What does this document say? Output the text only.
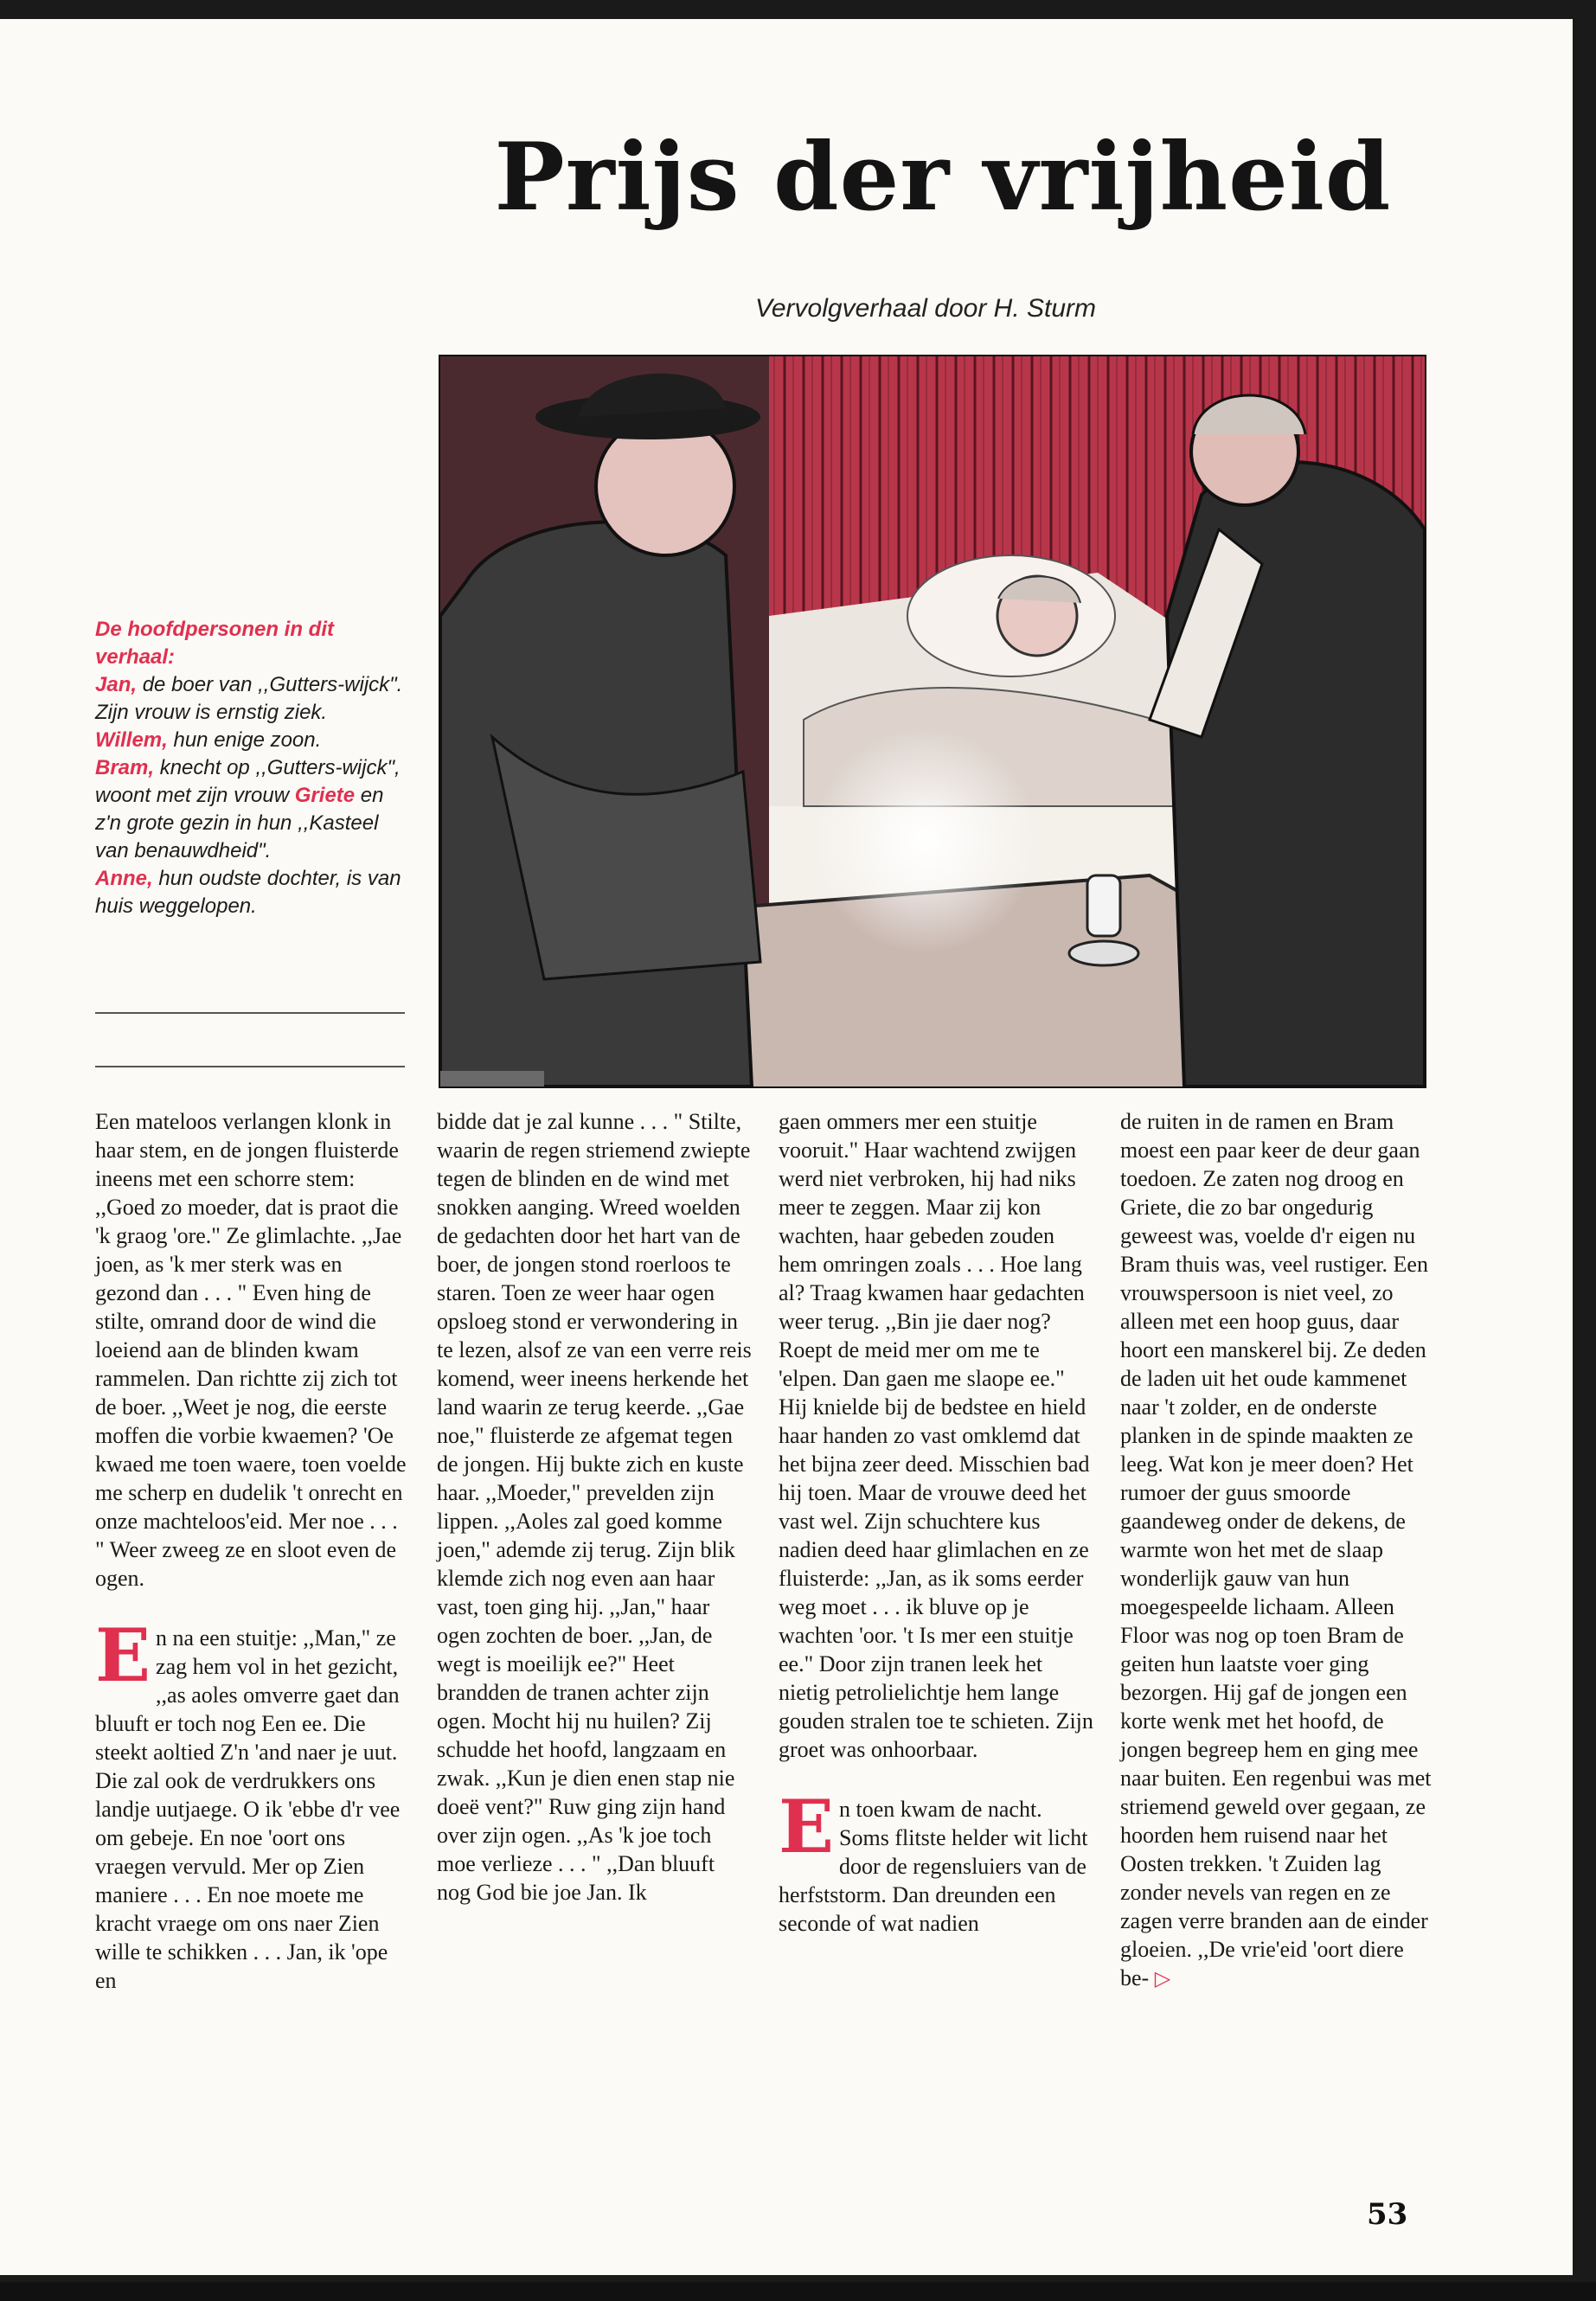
Prijs der vrijheid
Vervolgverhaal door H. Sturm
De hoofdpersonen in dit verhaal:
Jan, de boer van ,,Gutters-wijck". Zijn vrouw is ernstig ziek.
Willem, hun enige zoon.
Bram, knecht op ,,Gutters-wijck", woont met zijn vrouw Griete en z'n grote gezin in hun ,,Kasteel van benauwdheid".
Anne, hun oudste dochter, is van huis weggelopen.

Een mateloos verlangen klonk in haar stem, en de jongen fluisterde ineens met een schorre stem: ,,Goed zo moeder, dat is praot die 'k graog 'ore." Ze glimlachte. ,,Jae joen, as 'k mer sterk was en gezond dan . . . " Even hing de stilte, omrand door de wind die loeiend aan de blinden kwam rammelen. Dan richtte zij zich tot de boer. ,,Weet je nog, die eerste moffen die vorbie kwaemen? 'Oe kwaed me toen waere, toen voelde me scherp en dudelik 't onrecht en onze machteloos'eid. Mer noe . . . " Weer zweeg ze en sloot even de ogen.

En na een stuitje: ,,Man," ze zag hem vol in het gezicht, ,,as aoles omverre gaet dan bluuft er toch nog Een ee. Die steekt aoltied Z'n 'and naer je uut. Die zal ook de verdrukkers ons landje uutjaege. O ik 'ebbe d'r vee om gebeje. En noe 'oort ons vraegen vervuld. Mer op Zien maniere . . . En noe moete me kracht vraege om ons naer Zien wille te schikken . . . Jan, ik 'ope en

bidde dat je zal kunne . . . " Stilte, waarin de regen striemend zwiepte tegen de blinden en de wind met snokken aanging. Wreed woelden de gedachten door het hart van de boer, de jongen stond roerloos te staren. Toen ze weer haar ogen opsloeg stond er verwondering in te lezen, alsof ze van een verre reis komend, weer ineens herkende het land waarin ze terug keerde. ,,Gae noe," fluisterde ze afgemat tegen de jongen. Hij bukte zich en kuste haar. ,,Moeder," prevelden zijn lippen. ,,Aoles zal goed komme joen," ademde zij terug. Zijn blik klemde zich nog even aan haar vast, toen ging hij. ,,Jan," haar ogen zochten de boer. ,,Jan, de wegt is moeilijk ee?" Heet brandden de tranen achter zijn ogen. Mocht hij nu huilen? Zij schudde het hoofd, langzaam en zwak. ,,Kun je dien enen stap nie doeë vent?" Ruw ging zijn hand over zijn ogen. ,,As 'k joe toch moe verlieze . . . " ,,Dan bluuft nog God bie joe Jan. Ik

gaen ommers mer een stuitje vooruit." Haar wachtend zwijgen werd niet verbroken, hij had niks meer te zeggen. Maar zij kon wachten, haar gebeden zouden hem omringen zoals . . . Hoe lang al? Traag kwamen haar gedachten weer terug. ,,Bin jie daer nog? Roept de meid mer om me te 'elpen. Dan gaen me slaope ee." Hij knielde bij de bedstee en hield haar handen zo vast omklemd dat het bijna zeer deed. Misschien bad hij toen. Maar de vrouwe deed het vast wel. Zijn schuchtere kus nadien deed haar glimlachen en ze fluisterde: ,,Jan, as ik soms eerder weg moet . . . ik bluve op je wachten 'oor. 't Is mer een stuitje ee." Door zijn tranen leek het nietig petrolielichtje hem lange gouden stralen toe te schieten. Zijn groet was onhoorbaar.

En toen kwam de nacht. Soms flitste helder wit licht door de regensluiers van de herfststorm. Dan dreunden een seconde of wat nadien

de ruiten in de ramen en Bram moest een paar keer de deur gaan toedoen. Ze zaten nog droog en Griete, die zo bar ongedurig geweest was, voelde d'r eigen nu Bram thuis was, veel rustiger. Een vrouwspersoon is niet veel, zo alleen met een hoop guus, daar hoort een manskerel bij. Ze deden de laden uit het oude kammenet naar 't zolder, en de onderste planken in de spinde maakten ze leeg. Wat kon je meer doen? Het rumoer der guus smoorde gaandeweg onder de dekens, de warmte won het met de slaap wonderlijk gauw van hun moegespeelde lichaam. Alleen Floor was nog op toen Bram de geiten hun laatste voer ging bezorgen. Hij gaf de jongen een korte wenk met het hoofd, de jongen begreep hem en ging mee naar buiten. Een regenbui was met striemend geweld over gegaan, ze hoorden hem ruisend naar het Oosten trekken. 't Zuiden lag zonder nevels van regen en ze zagen verre branden aan de einder gloeien. ,,De vrie'eid 'oort diere be- ▷

53
